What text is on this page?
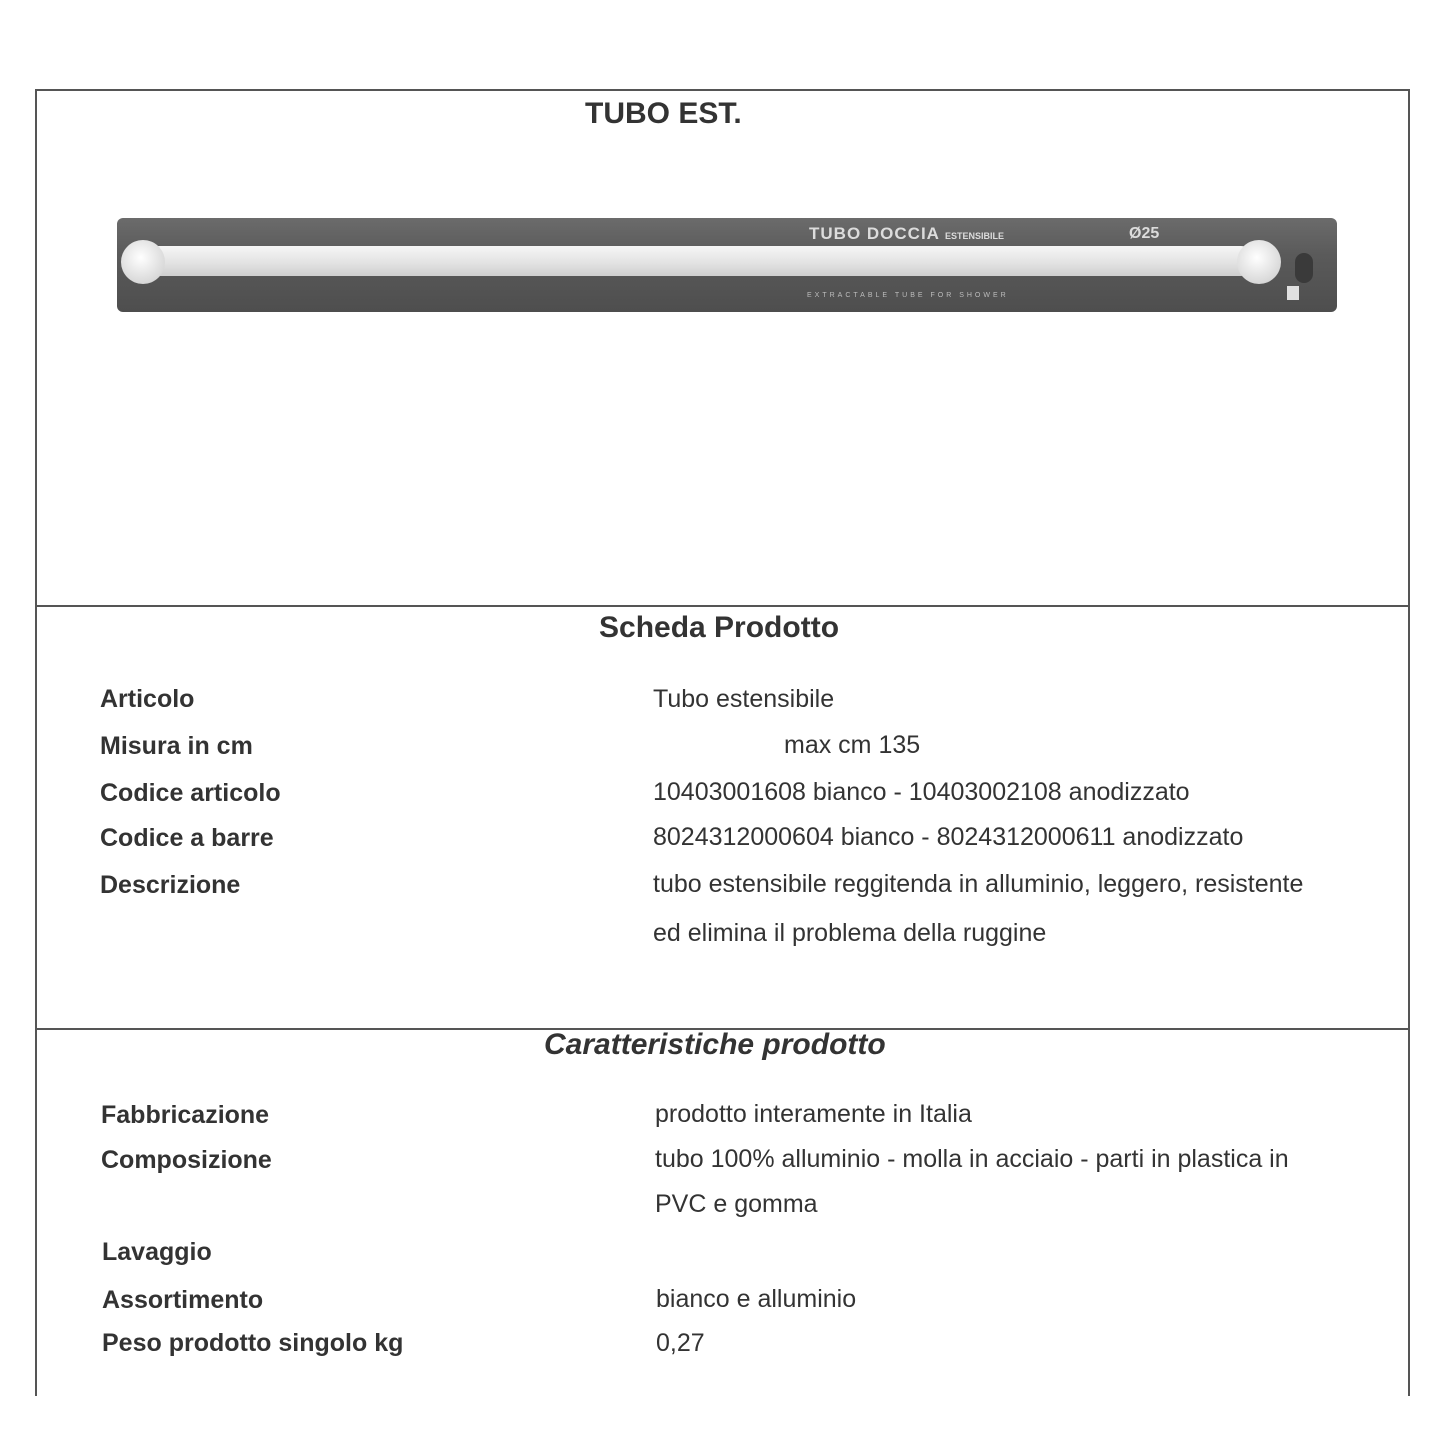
TUBO EST.
TUBO DOCCIA ESTENSIBILE	Ø25
EXTRACTABLE TUBE FOR SHOWER
Scheda Prodotto
Articolo	Tubo estensibile
Misura in cm	max cm 135
Codice articolo	10403001608 bianco - 10403002108 anodizzato
Codice a barre	8024312000604 bianco - 8024312000611 anodizzato
Descrizione	tubo estensibile reggitenda in alluminio, leggero, resistente
ed elimina il problema della ruggine
Caratteristiche prodotto
Fabbricazione	prodotto interamente in Italia
Composizione	tubo 100% alluminio - molla in acciaio - parti in plastica in
PVC e gomma
Lavaggio
Assortimento	bianco e alluminio
Peso prodotto singolo kg	0,27
